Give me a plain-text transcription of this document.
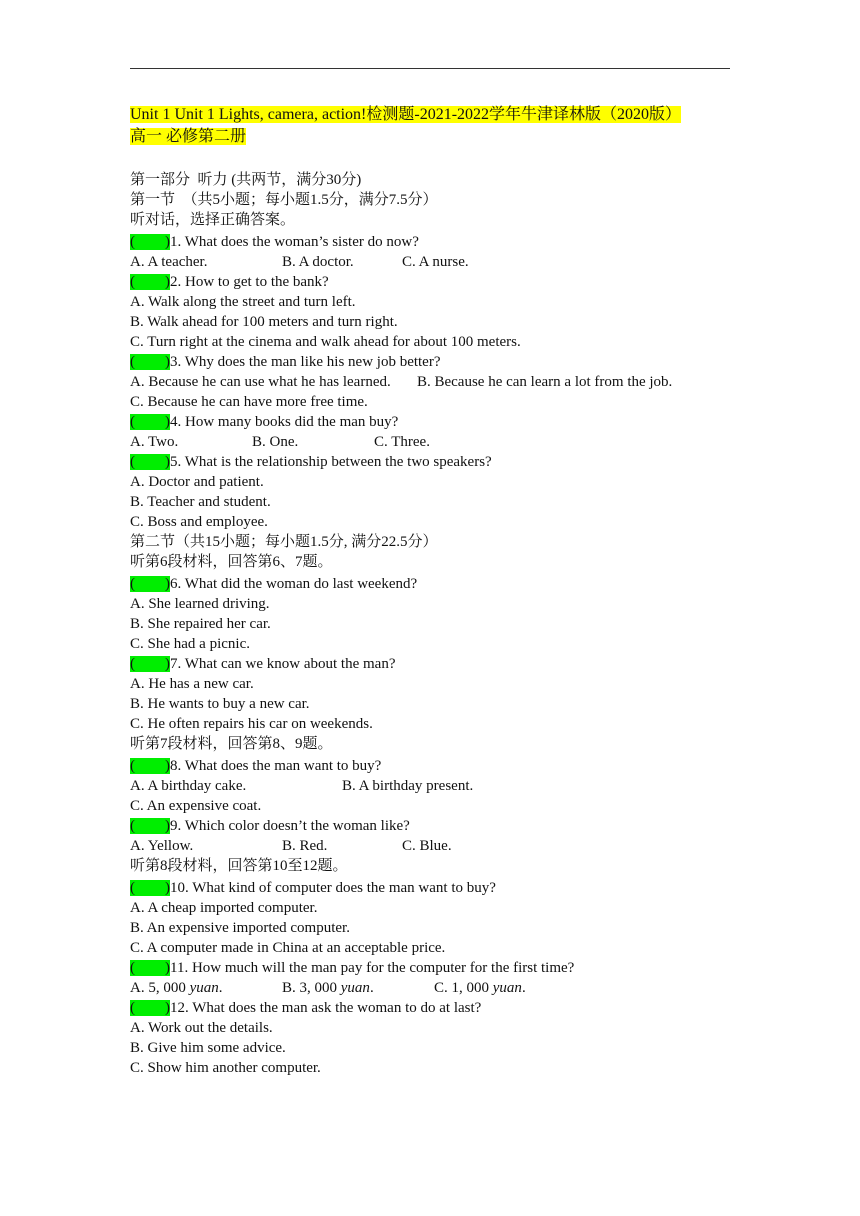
Unit 1 Unit 1 Lights, camera, action!检测题-2021-2022学年牛津译林版（2020版）
高一 必修第二册
第一部分  听力 (共两节，满分30分)
第一节  （共5小题；每小题1.5分，满分7.5分）
听对话，选择正确答案。
(        )1. What does the woman’s sister do now?
A. A teacher.	B. A doctor.	C. A nurse.
(        )2. How to get to the bank?
A. Walk along the street and turn left.
B. Walk ahead for 100 meters and turn right.
C. Turn right at the cinema and walk ahead for about 100 meters.
(        )3. Why does the man like his new job better?
A. Because he can use what he has learned. B. Because he can learn a lot from the job.
C. Because he can have more free time.
(        )4. How many books did the man buy?
A. Two.	B. One.	C. Three.
(        )5. What is the relationship between the two speakers?
A. Doctor and patient.
B. Teacher and student.
C. Boss and employee.
第二节（共15小题；每小题1.5分, 满分22.5分）
听第6段材料，回答第6、7题。
(        )6. What did the woman do last weekend?
A. She learned driving.
B. She repaired her car.
C. She had a picnic.
(        )7. What can we know about the man?
A. He has a new car.
B. He wants to buy a new car.
C. He often repairs his car on weekends.
听第7段材料，回答第8、9题。
(        )8. What does the man want to buy?
A. A birthday cake.	B. A birthday present.
C. An expensive coat.
(        )9. Which color doesn’t the woman like?
A. Yellow.	B. Red.	C. Blue.
听第8段材料，回答第10至12题。
(        )10. What kind of computer does the man want to buy?
A. A cheap imported computer.
B. An expensive imported computer.
C. A computer made in China at an acceptable price.
(        )11. How much will the man pay for the computer for the first time?
A. 5, 000 yuan.	B. 3, 000 yuan.	C. 1, 000 yuan.
(        )12. What does the man ask the woman to do at last?
A. Work out the details.
B. Give him some advice.
C. Show him another computer.
